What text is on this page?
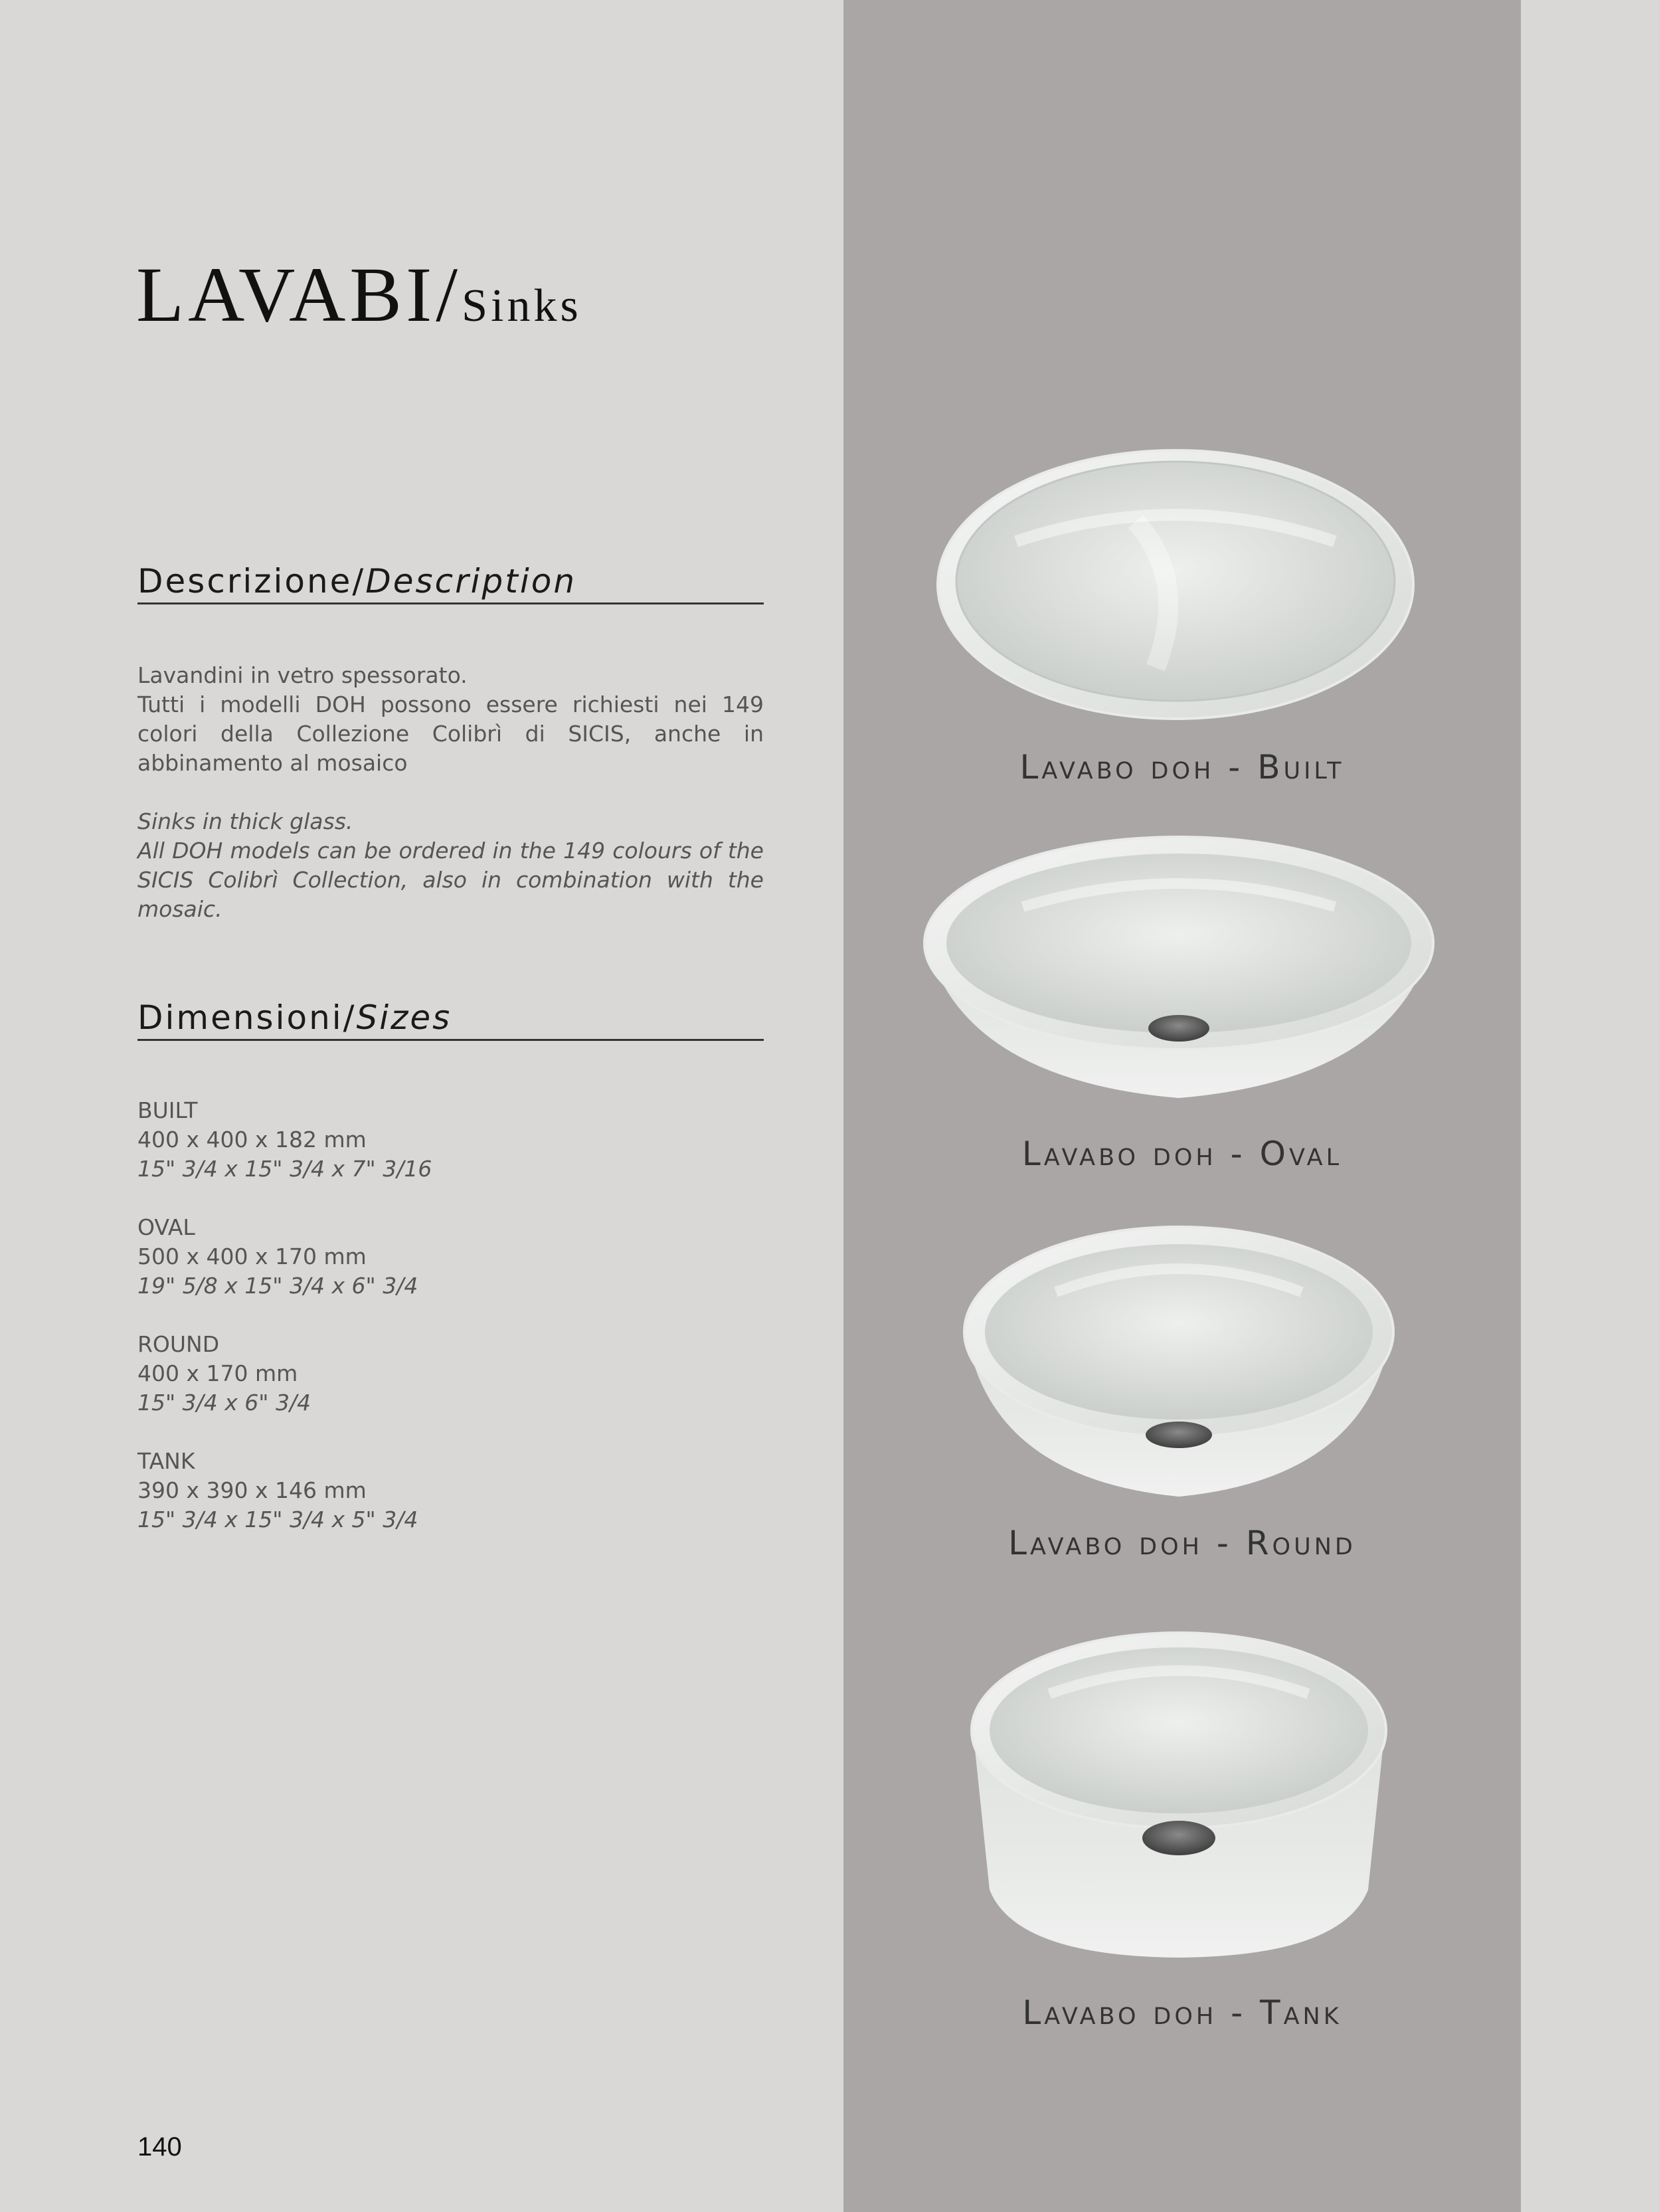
LAVABI/Sinks
Descrizione/Description

Lavandini in vetro spessorato.

Tutti i modelli DOH possono essere richiesti nei 149 colori della Collezione Colibrì di SICIS, anche in abbinamento al mosaico

Sinks in thick glass.

All DOH models can be ordered in the 149 colours of the SICIS Colibrì Collection, also in combination with the mosaic.

Dimensioni/Sizes
BUILT
400 x 400 x 182 mm
15" 3/4 x 15" 3/4 x 7" 3/16
OVAL
500 x 400 x 170 mm
19" 5/8 x 15" 3/4 x 6" 3/4
ROUND
400 x 170 mm
15" 3/4 x 6" 3/4
TANK
390 x 390 x 146 mm
15" 3/4 x 15" 3/4 x 5" 3/4
140
Lavabo doh - Built
Lavabo doh - Oval
Lavabo doh - Round
Lavabo doh - Tank
